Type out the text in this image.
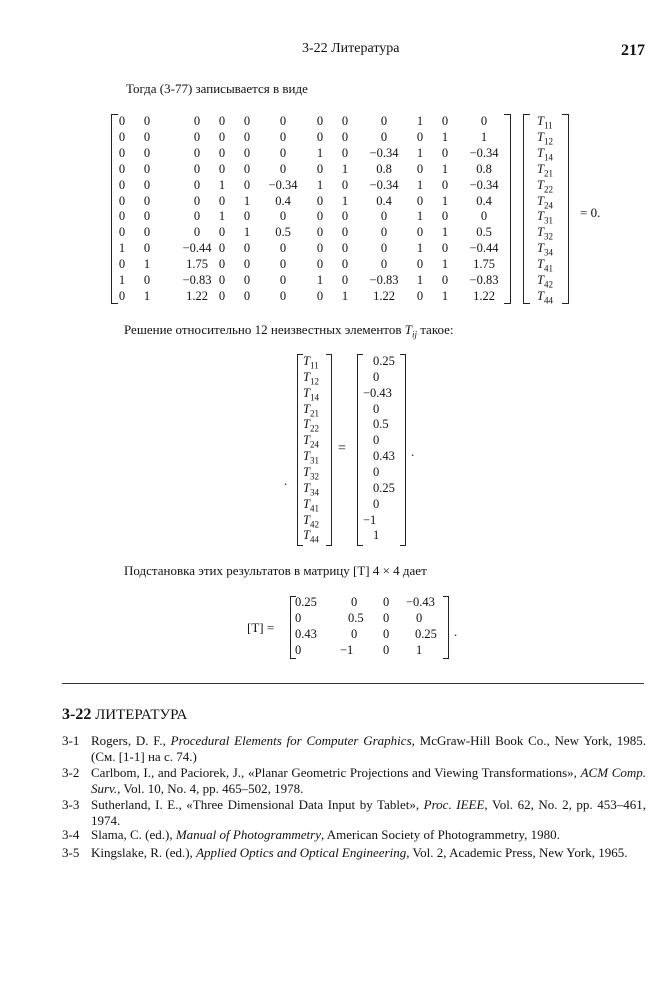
3-22 Литература	217
Тогда (3-77) записывается в виде
0 0	0 0 0 0 0 0	0 1 0	0
0 0	0 0 0 0 0 0	0 0 1	1
0 0	0 0 0 0 1 0 −0.34 1 0 −0.34
0 0	0 0 0 0 0 1 0.8 0 1 0.8
0 0	0 1 0 −0.34 1 0 −0.34 1 0 −0.34
0 0	0 0 1 0.4 0 1 0.4 0 1 0.4
0 0	0 1 0 0 0 0	0 1 0	0
0 0	0 0 1 0.5 0 0	0 0 1 0.5
1 0	−0.44 0 0 0 0 0	0 1 0 −0.44
0 1	1.75 0 0 0 0 0	0 0 1 1.75
1 0	−0.83 0 0 0 1 0 −0.83 1 0 −0.83
0 1	1.22 0 0 0 0 1 1.22 0 1 1.22
$T_{11}$
$T_{12}$
$T_{14}$
$T_{21}$
$T_{22}$
$T_{24}$
$T_{31}$
$T_{32}$
$T_{34}$
$T_{41}$
$T_{42}$
$T_{44}$
= 0.
Решение относительно 12 неизвестных элементов $T_{ij}$ такое:
$T_{11}$
$T_{12}$
$T_{14}$
$T_{21}$
$T_{22}$
$T_{24}$
$T_{31}$
$T_{32}$
$T_{34}$
$T_{41}$
$T_{42}$
$T_{44}$
.
=
0.25
0
−0.43
0
0.5
0
0.43
0
0.25
0
−1
1
.
Подстановка этих результатов в матрицу [T] 4 × 4 дает
[T] =
0.25	0 0 −0.43
0	0.5 0 0
0.43	0 0 0.25
0	−1 0 1
.
3-22 ЛИТЕРАТУРА
3-1 Rogers, D. F., Procedural Elements for Computer Graphics, McGraw-Hill Book Co., New York, 1985. (См. [1-1] на с. 74.)
3-2 Carlbom, I., and Paciorek, J., «Planar Geometric Projections and Viewing Transformations», ACM Comp. Surv., Vol. 10, No. 4, pp. 465–502, 1978.
3-3 Sutherland, I. E., «Three Dimensional Data Input by Tablet», Proc. IEEE, Vol. 62, No. 2, pp. 453–461, 1974.
3-4 Slama, C. (ed.), Manual of Photogrammetry, American Society of Photogrammetry, 1980.
3-5 Kingslake, R. (ed.), Applied Optics and Optical Engineering, Vol. 2, Academic Press, New York, 1965.
